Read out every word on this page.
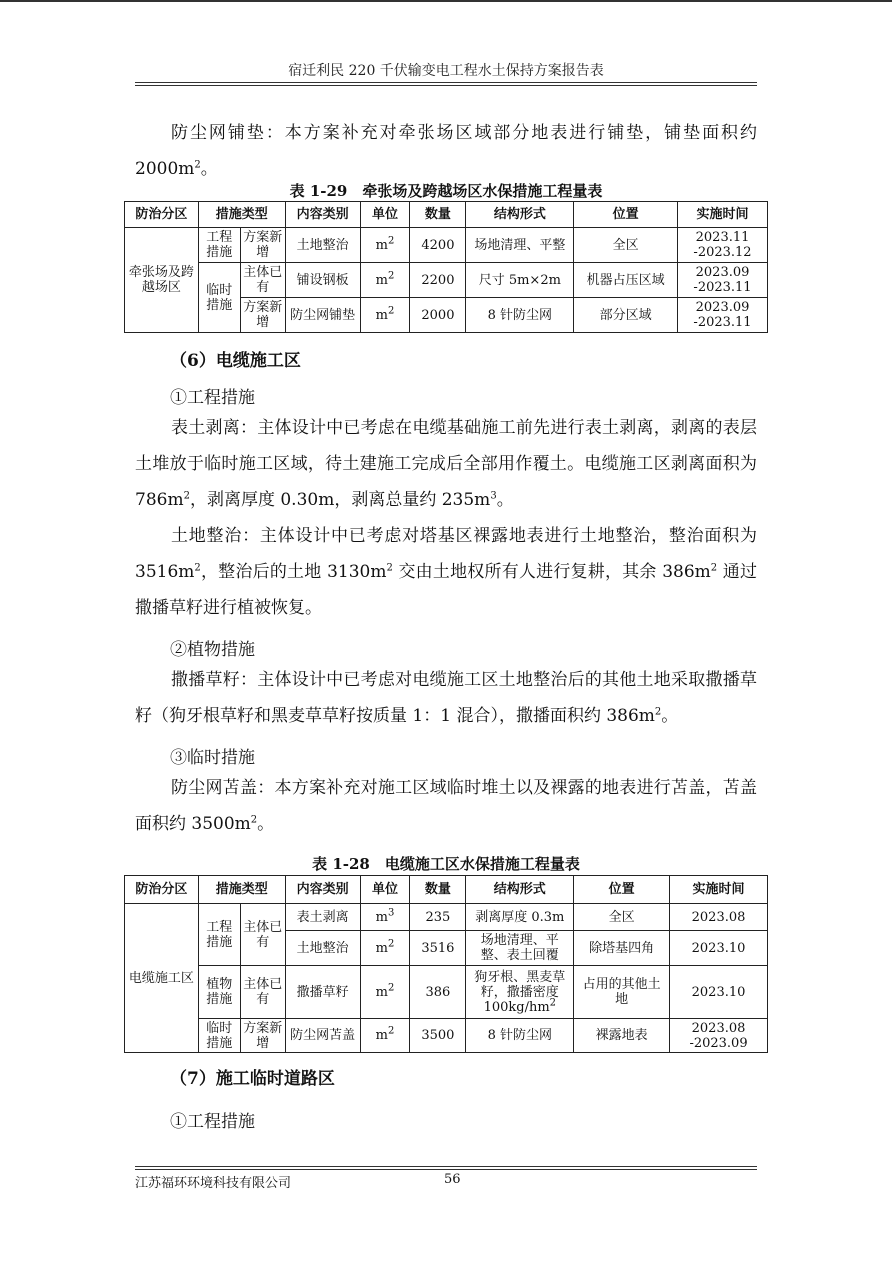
宿迁利民 220 千伏输变电工程水土保持方案报告表
防尘网铺垫：本方案补充对牵张场区域部分地表进行铺垫，铺垫面积约$2000m^2$。
表 1-29　牵张场及跨越场区水保措施工程量表
防治分区	措施类型		内容类别	单位	数量	结构形式	位置	实施时间
牵张场及跨越场区	工程措施	方案新增	土地整治	$m^2$	4200	场地清理、平整	全区	2023.11 -2023.12
	临时措施	主体已有	铺设钢板	$m^2$	2200	尺寸 5m×2m	机器占压区域	2023.09 -2023.11
		方案新增	防尘网铺垫	$m^2$	2000	8 针防尘网	部分区域	2023.09 -2023.11
（6）电缆施工区
①工程措施
表土剥离：主体设计中已考虑在电缆基础施工前先进行表土剥离，剥离的表层土堆放于临时施工区域，待土建施工完成后全部用作覆土。电缆施工区剥离面积为 $786m^2$，剥离厚度 0.30m，剥离总量约 $235m^3$。
土地整治：主体设计中已考虑对塔基区裸露地表进行土地整治，整治面积为 $3516m^2$，整治后的土地 $3130m^2$ 交由土地权所有人进行复耕，其余 $386m^2$ 通过撒播草籽进行植被恢复。
②植物措施
撒播草籽：主体设计中已考虑对电缆施工区土地整治后的其他土地采取撒播草籽（狗牙根草籽和黑麦草草籽按质量 1：1 混合），撒播面积约 $386m^2$。
③临时措施
防尘网苫盖：本方案补充对施工区域临时堆土以及裸露的地表进行苫盖，苫盖面积约 $3500m^2$。
表 1-28　电缆施工区水保措施工程量表
防治分区	措施类型		内容类别	单位	数量	结构形式	位置	实施时间
电缆施工区	工程措施	主体已有	表土剥离	$m^3$	235	剥离厚度 0.3m	全区	2023.08
			土地整治	$m^2$	3516	场地清理、平整、表土回覆	除塔基四角	2023.10
	植物措施	主体已有	撒播草籽	$m^2$	386	狗牙根、黑麦草籽，撒播密度 $100kg/hm^2$	占用的其他土地	2023.10
	临时措施	方案新增	防尘网苫盖	$m^2$	3500	8 针防尘网	裸露地表	2023.08 -2023.09
（7）施工临时道路区
①工程措施
江苏福环环境科技有限公司	56
